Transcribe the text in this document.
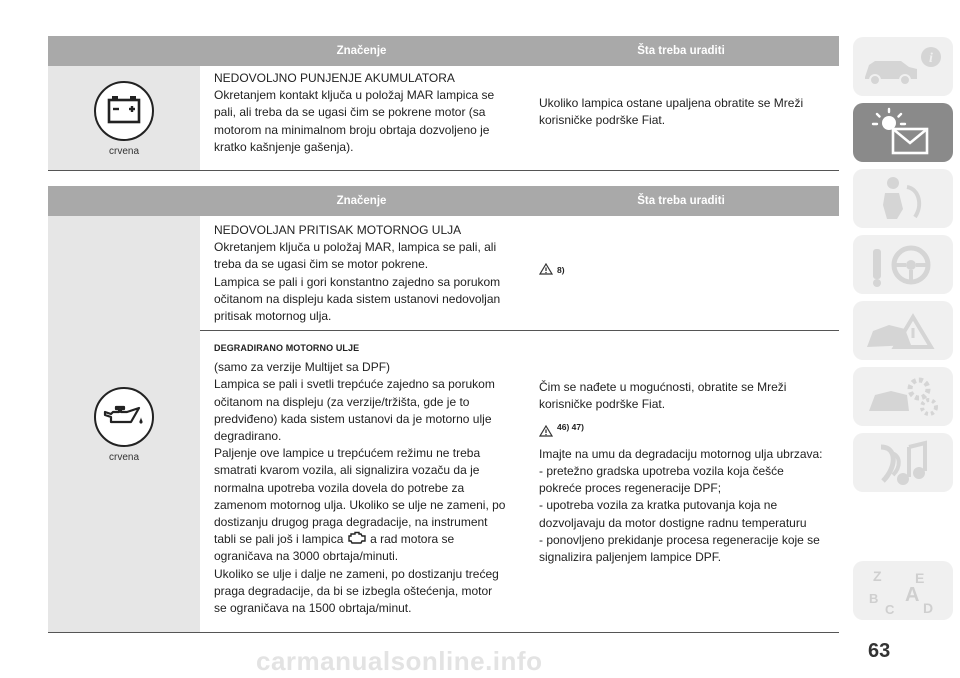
Značenje	Šta treba uraditi
crvena
NEDOVOLJNO PUNJENJE AKUMULATORA
Okretanjem kontakt ključa u položaj MAR lampica se
pali, ali treba da se ugasi čim se pokrene motor (sa
motorom na minimalnom broju obrtaja dozvoljeno je
kratko kašnjenje gašenja).
Ukoliko lampica ostane upaljena obratite se Mreži
korisničke podrške Fiat.
Značenje	Šta treba uraditi
crvena
NEDOVOLJAN PRITISAK MOTORNOG ULJA
Okretanjem ključa u položaj MAR, lampica se pali, ali
treba da se ugasi čim se motor pokrene.
Lampica se pali i gori konstantno zajedno sa porukom
očitanom na displeju kada sistem ustanovi nedovoljan
pritisak motornog ulja.
8)
DEGRADIRANO MOTORNO ULJE
(samo za verzije Multijet sa DPF)
Lampica se pali i svetli trepćuće zajedno sa porukom
očitanom na displeju (za verzije/tržišta, gde je to
predviđeno) kada sistem ustanovi da je motorno ulje
degradirano.
Paljenje ove lampice u trepćućem režimu ne treba
smatrati kvarom vozila, ali signalizira vozaču da je
normalna upotreba vozila dovela do potrebe za
zamenom motornog ulja. Ukoliko se ulje ne zameni, po
dostizanju drugog praga degradacije, na instrument
tabli se pali još i lampica a rad motora se
ograničava na 3000 obrtaja/minuti.
Ukoliko se ulje i dalje ne zameni, po dostizanju trećeg
praga degradacije, da bi se izbegla oštećenja, motor
se ograničava na 1500 obrtaja/minut.
Čim se nađete u mogućnosti, obratite se Mreži
korisničke podrške Fiat.
46) 47)
Imajte na umu da degradaciju motornog ulja ubrzava:
- pretežno gradska upotreba vozila koja češće
pokreće proces regeneracije DPF;
- upotreba vozila za kratka putovanja koja ne
dozvoljavaju da motor dostigne radnu temperaturu
- ponovljeno prekidanje procesa regeneracije koje se
signalizira paljenjem lampice DPF.
i
Z E
B A
C D
63
carmanualsonline.info
